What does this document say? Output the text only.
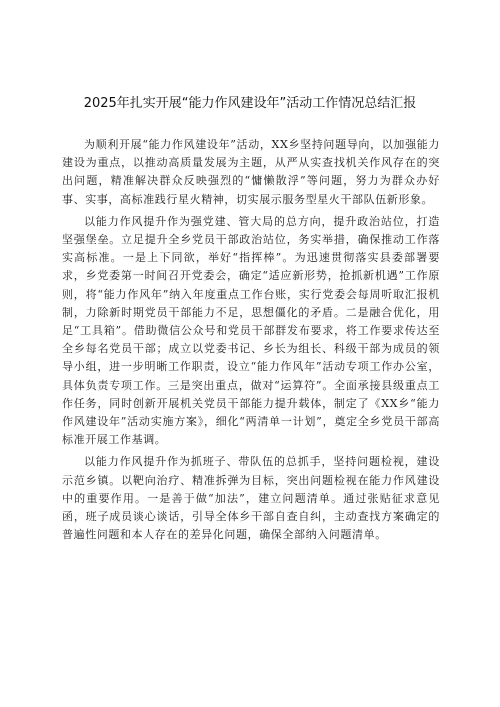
2025年扎实开展“能力作风建设年”活动工作情况总结汇报

为顺利开展“能力作风建设年”活动，XX乡坚持问题导向，以加强能力建设为重点，以推动高质量发展为主题，从严从实查找机关作风存在的突出问题，精准解决群众反映强烈的“慵懒散浮”等问题，努力为群众办好事、实事，高标准践行星火精神，切实展示服务型星火干部队伍新形象。

以能力作风提升作为强党建、管大局的总方向，提升政治站位，打造坚强堡垒。立足提升全乡党员干部政治站位，务实举措，确保推动工作落实高标准。一是上下同欲，举好“指挥棒”。为迅速贯彻落实县委部署要求，乡党委第一时间召开党委会，确定“适应新形势，抢抓新机遇”工作原则，将“能力作风年”纳入年度重点工作台账，实行党委会每周听取汇报机制，力除新时期党员干部能力不足，思想僵化的矛盾。二是融合优化，用足“工具箱”。借助微信公众号和党员干部群发布要求，将工作要求传达至全乡每名党员干部；成立以党委书记、乡长为组长、科级干部为成员的领导小组，进一步明晰工作职责，设立“能力作风年”活动专项工作办公室，具体负责专项工作。三是突出重点，做对“运算符”。全面承接县级重点工作任务，同时创新开展机关党员干部能力提升载体，制定了《XX乡“能力作风建设年”活动实施方案》，细化“两清单一计划”，奠定全乡党员干部高标准开展工作基调。

以能力作风提升作为抓班子、带队伍的总抓手，坚持问题检视，建设示范乡镇。以靶向治疗、精准拆弹为目标，突出问题检视在能力作风建设中的重要作用。一是善于做“加法”，建立问题清单。通过张贴征求意见函，班子成员谈心谈话，引导全体乡干部自查自纠，主动查找方案确定的普遍性问题和本人存在的差异化问题，确保全部纳入问题清单。
